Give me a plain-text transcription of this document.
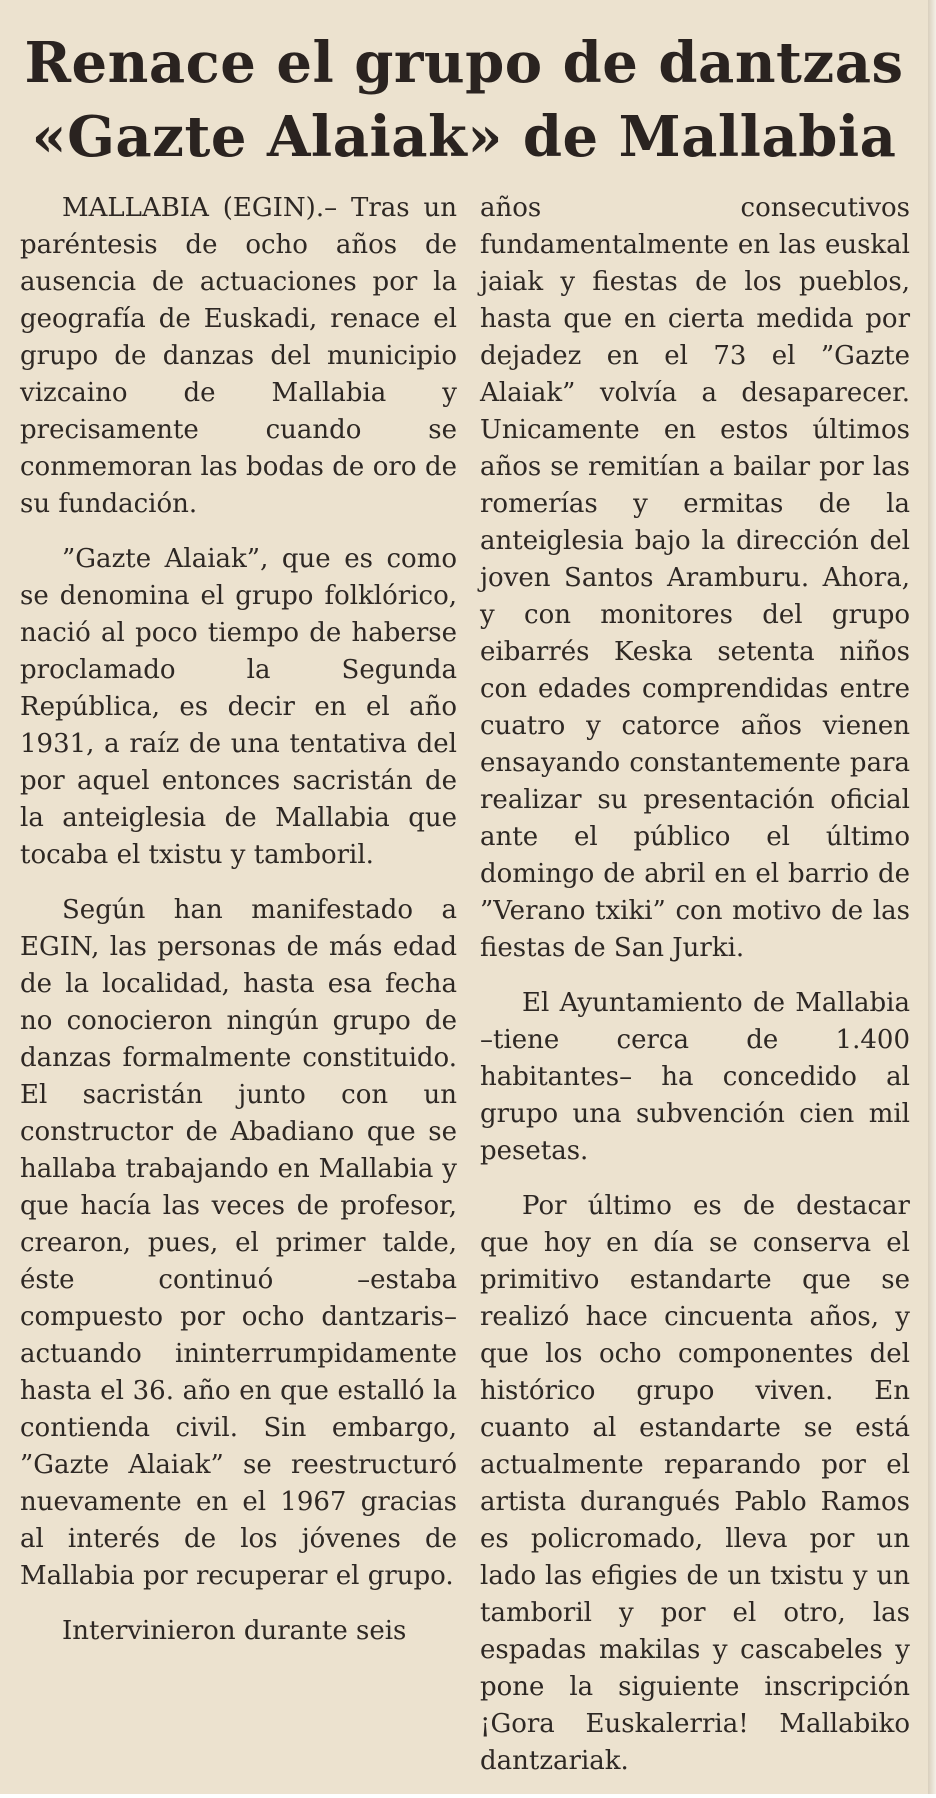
Renace el grupo de dantzas
«Gazte Alaiak» de Mallabia

MALLABIA (EGIN).– Tras un paréntesis de ocho años de ausencia de actuaciones por la geografía de Euskadi, renace el grupo de danzas del municipio vizcaino de Mallabia y precisamente cuando se conmemoran las bodas de oro de su fundación.

”Gazte Alaiak”, que es como se denomina el grupo folklórico, nació al poco tiempo de haberse proclamado la Segunda República, es decir en el año 1931, a raíz de una tentativa del por aquel entonces sacristán de la anteiglesia de Mallabia que tocaba el txistu y tamboril.

Según han manifestado a EGIN, las personas de más edad de la localidad, hasta esa fecha no conocieron ningún grupo de danzas formalmente constituido. El sacristán junto con un constructor de Abadiano que se hallaba trabajando en Mallabia y que hacía las veces de profesor, crearon, pues, el primer talde, éste continuó –estaba compuesto por ocho dantzaris– actuando ininterrumpidamente hasta el 36. año en que estalló la contienda civil. Sin embargo, ”Gazte Alaiak” se reestructuró nuevamente en el 1967 gracias al interés de los jóvenes de Mallabia por recuperar el grupo.

Intervinieron durante seis

años consecutivos fundamentalmente en las euskal jaiak y fiestas de los pueblos, hasta que en cierta medida por dejadez en el 73 el ”Gazte Alaiak” volvía a desaparecer. Unicamente en estos últimos años se remitían a bailar por las romerías y ermitas de la anteiglesia bajo la dirección del joven Santos Aramburu. Ahora, y con monitores del grupo eibarrés Keska setenta niños con edades comprendidas entre cuatro y catorce años vienen ensayando constantemente para realizar su presentación oficial ante el público el último domingo de abril en el barrio de ”Verano txiki” con motivo de las fiestas de San Jurki.

El Ayuntamiento de Mallabia –tiene cerca de 1.400 habitantes– ha concedido al grupo una subvención cien mil pesetas.

Por último es de destacar que hoy en día se conserva el primitivo estandarte que se realizó hace cincuenta años, y que los ocho componentes del histórico grupo viven. En cuanto al estandarte se está actualmente reparando por el artista durangués Pablo Ramos es policromado, lleva por un lado las efigies de un txistu y un tamboril y por el otro, las espadas makilas y cascabeles y pone la siguiente inscripción ¡Gora Euskalerria! Mallabiko dantzariak.
